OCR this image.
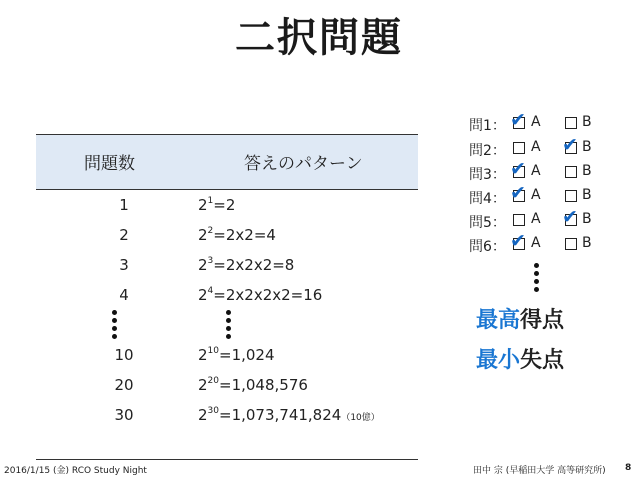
二択問題
問題数	答えのパターン
1	$2^1=2$
2	$2^2=2x2=4$
3	$2^3=2x2x2=8$
4	$2^4=2x2x2x2=16$
10	$2^{10}=1,024$
20	$2^{20}=1,048,576$
30	$2^{30}=1,073,741,824(10$億）
問1： ✔ A	B
問2： A ✔ B
問3： ✔ A	B
問4： ✔ A	B
問5： A ✔ B
問6： ✔ A	B
最高得点
最小失点
2016/1/15 (金) RCO Study Night	田中 宗 (早稲田大学 高等研究所) 8
